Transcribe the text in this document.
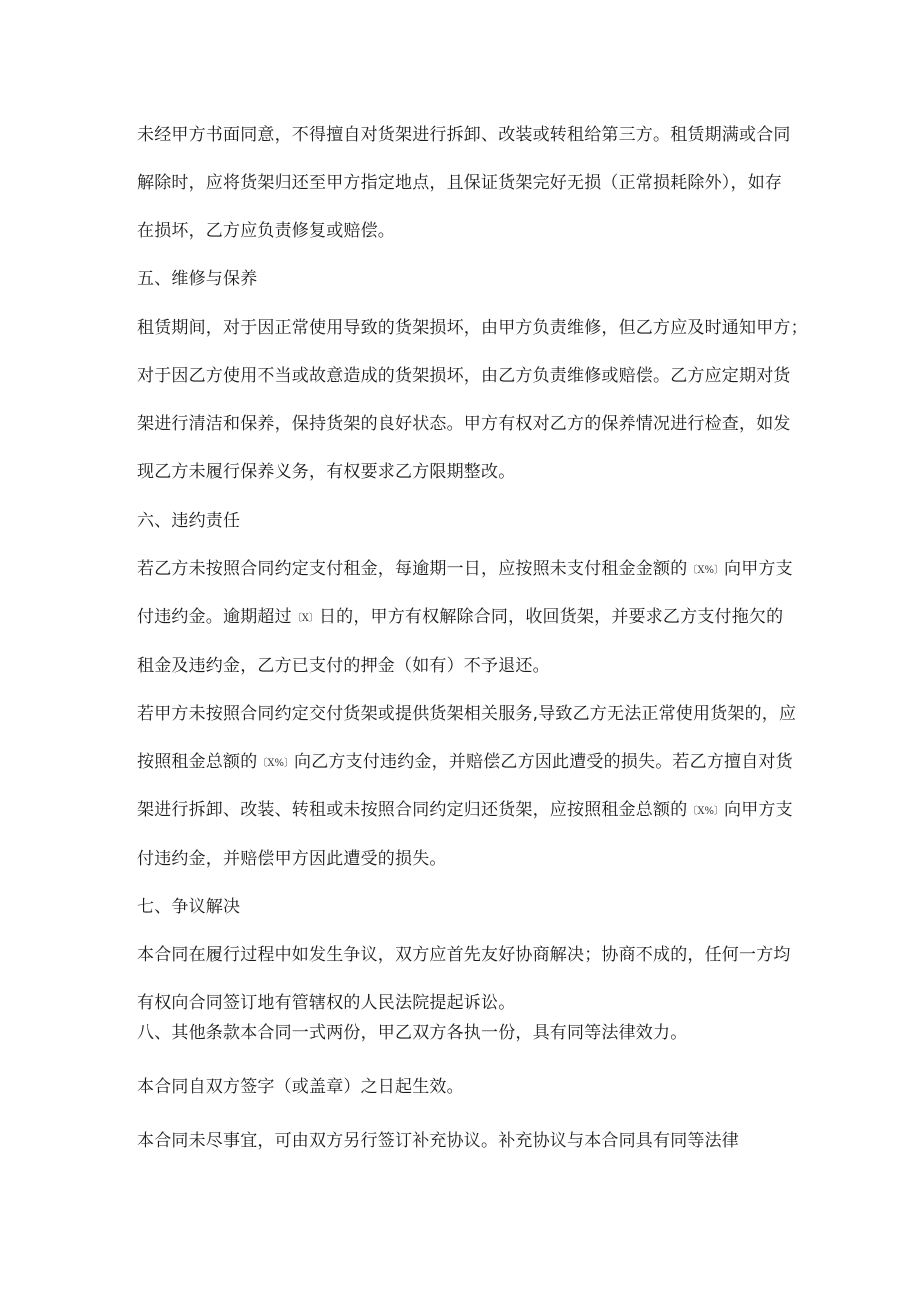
未经甲方书面同意，不得擅自对货架进行拆卸、改装或转租给第三方。租赁期满或合同
解除时，应将货架归还至甲方指定地点，且保证货架完好无损（正常损耗除外），如存
在损坏，乙方应负责修复或赔偿。
五、维修与保养
租赁期间，对于因正常使用导致的货架损坏，由甲方负责维修，但乙方应及时通知甲方；
对于因乙方使用不当或故意造成的货架损坏，由乙方负责维修或赔偿。乙方应定期对货
架进行清洁和保养，保持货架的良好状态。甲方有权对乙方的保养情况进行检查，如发
现乙方未履行保养义务，有权要求乙方限期整改。
六、违约责任
若乙方未按照合同约定支付租金，每逾期一日，应按照未支付租金金额的〔X%〕向甲方支
付违约金。逾期超过〔X〕日的，甲方有权解除合同，收回货架，并要求乙方支付拖欠的
租金及违约金，乙方已支付的押金（如有）不予退还。
若甲方未按照合同约定交付货架或提供货架相关服务,导致乙方无法正常使用货架的，应
按照租金总额的〔X%〕向乙方支付违约金，并赔偿乙方因此遭受的损失。若乙方擅自对货
架进行拆卸、改装、转租或未按照合同约定归还货架，应按照租金总额的〔X%〕向甲方支
付违约金，并赔偿甲方因此遭受的损失。
七、争议解决
本合同在履行过程中如发生争议，双方应首先友好协商解决；协商不成的，任何一方均
有权向合同签订地有管辖权的人民法院提起诉讼。
八、其他条款本合同一式两份，甲乙双方各执一份，具有同等法律效力。
本合同自双方签字（或盖章）之日起生效。
本合同未尽事宜，可由双方另行签订补充协议。补充协议与本合同具有同等法律
